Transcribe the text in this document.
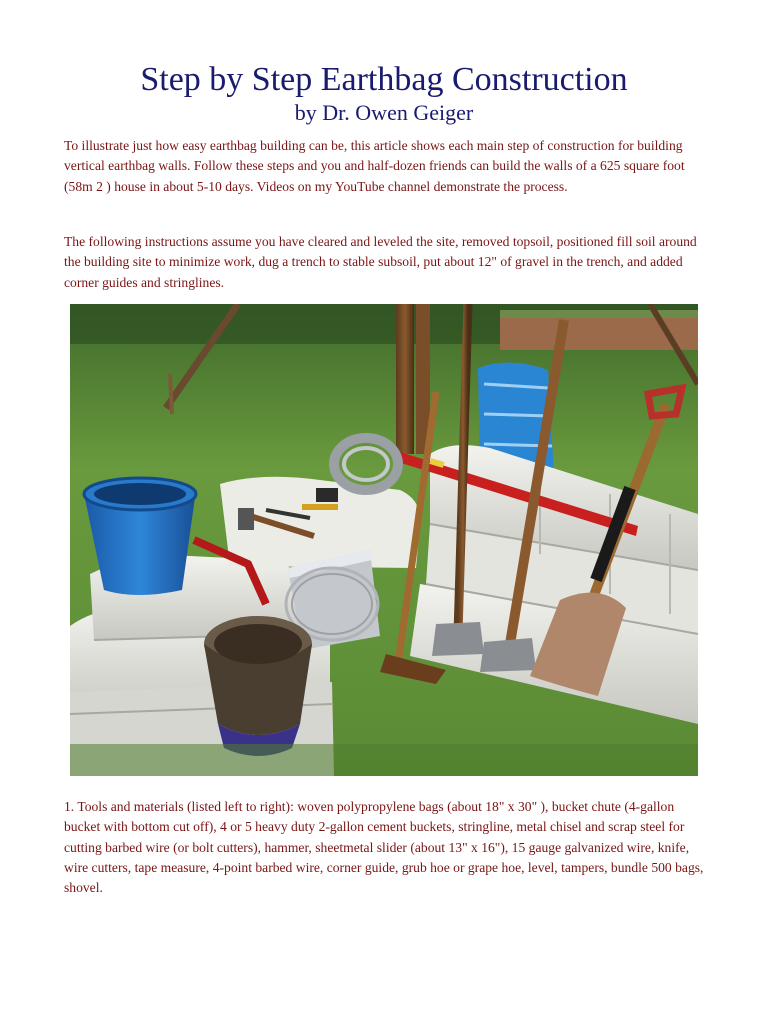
Step by Step Earthbag Construction
by Dr. Owen Geiger

To illustrate just how easy earthbag building can be, this article shows each main step of construction for building vertical earthbag walls. Follow these steps and you and half-dozen friends can build the walls of a 625 square foot (58m 2 ) house in about 5-10 days. Videos on my YouTube channel demonstrate the process.

The following instructions assume you have cleared and leveled the site, removed topsoil, positioned fill soil around the building site to minimize work, dug a trench to stable subsoil, put about 12" of gravel in the trench, and added corner guides and stringlines.

1. Tools and materials (listed left to right): woven polypropylene bags (about 18" x 30" ), bucket chute (4-gallon bucket with bottom cut off), 4 or 5 heavy duty 2-gallon cement buckets, stringline, metal chisel and scrap steel for cutting barbed wire (or bolt cutters), hammer, sheetmetal slider (about 13" x 16"), 15 gauge galvanized wire, knife, wire cutters, tape measure, 4-point barbed wire, corner guide, grub hoe or grape hoe, level, tampers, bundle 500 bags, shovel.
